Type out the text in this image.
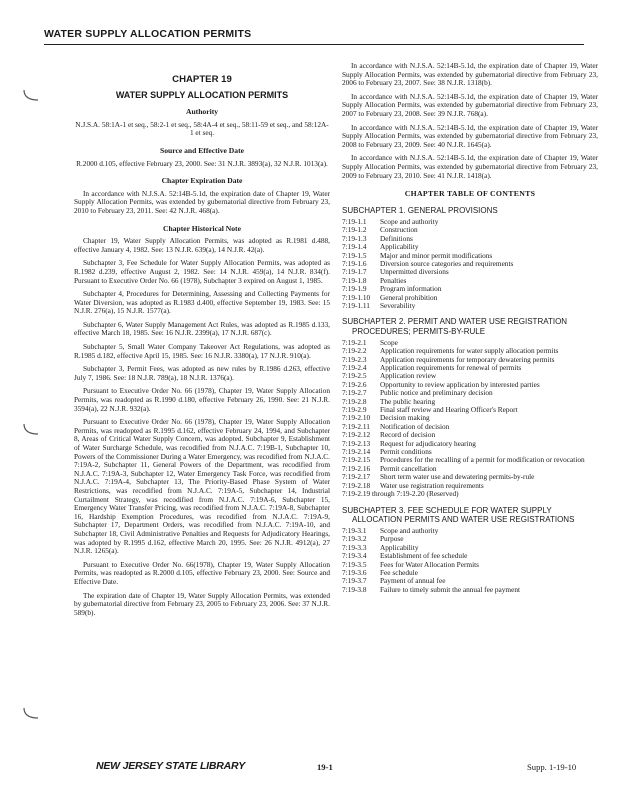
WATER SUPPLY ALLOCATION PERMITS
CHAPTER 19
WATER SUPPLY ALLOCATION PERMITS
Authority
N.J.S.A. 58:1A-1 et seq., 58:2-1 et seq., 58:4A-4 et seq., 58:11-59 et seq., and 58:12A-1 et seq.
Source and Effective Date
R.2000 d.105, effective February 23, 2000. See: 31 N.J.R. 3893(a), 32 N.J.R. 1013(a).
Chapter Expiration Date

In accordance with N.J.S.A. 52:14B-5.1d, the expiration date of Chapter 19, Water Supply Allocation Permits, was extended by gubernatorial directive from February 23, 2010 to February 23, 2011. See: 42 N.J.R. 468(a).

Chapter Historical Note

Chapter 19, Water Supply Allocation Permits, was adopted as R.1981 d.488, effective January 4, 1982. See: 13 N.J.R. 639(a), 14 N.J.R. 42(a).

Subchapter 3, Fee Schedule for Water Supply Allocation Permits, was adopted as R.1982 d.239, effective August 2, 1982. See: 14 N.J.R. 459(a), 14 N.J.R. 834(f). Pursuant to Executive Order No. 66 (1978), Subchapter 3 expired on August 1, 1985.

Subchapter 4, Procedures for Determining, Assessing and Collecting Payments for Water Diversion, was adopted as R.1983 d.400, effective September 19, 1983. See: 15 N.J.R. 276(a), 15 N.J.R. 1577(a).

Subchapter 6, Water Supply Management Act Rules, was adopted as R.1985 d.133, effective March 18, 1985. See: 16 N.J.R. 2399(a), 17 N.J.R. 687(c).

Subchapter 5, Small Water Company Takeover Act Regulations, was adopted as R.1985 d.182, effective April 15, 1985. See: 16 N.J.R. 3380(a), 17 N.J.R. 910(a).

Subchapter 3, Permit Fees, was adopted as new rules by R.1986 d.263, effective July 7, 1986. See: 18 N.J.R. 789(a), 18 N.J.R. 1376(a).

Pursuant to Executive Order No. 66 (1978), Chapter 19, Water Supply Allocation Permits, was readopted as R.1990 d.180, effective February 26, 1990. See: 21 N.J.R. 3594(a), 22 N.J.R. 932(a).

Pursuant to Executive Order No. 66 (1978), Chapter 19, Water Supply Allocation Permits, was readopted as R.1995 d.162, effective February 24, 1994, and Subchapter 8, Areas of Critical Water Supply Concern, was adopted. Subchapter 9, Establishment of Water Surcharge Schedule, was recodified from N.J.A.C. 7:19B-1, Subchapter 10, Powers of the Commissioner During a Water Emergency, was recodified from N.J.A.C. 7:19A-2, Subchapter 11, General Powers of the Department, was recodified from N.J.A.C. 7:19A-3, Subchapter 12, Water Emergency Task Force, was recodified from N.J.A.C. 7:19A-4, Subchapter 13, The Priority-Based Phase System of Water Restrictions, was recodified from N.J.A.C. 7:19A-5, Subchapter 14, Industrial Curtailment Strategy, was recodified from N.J.A.C. 7:19A-6, Subchapter 15, Emergency Water Transfer Pricing, was recodified from N.J.A.C. 7:19A-8, Subchapter 16, Hardship Exemption Procedures, was recodified from N.J.A.C. 7:19A-9, Subchapter 17, Department Orders, was recodified from N.J.A.C. 7:19A-10, and Subchapter 18, Civil Administrative Penalties and Requests for Adjudicatory Hearings, was adopted by R.1995 d.162, effective March 20, 1995. See: 26 N.J.R. 4912(a), 27 N.J.R. 1265(a).

Pursuant to Executive Order No. 66(1978), Chapter 19, Water Supply Allocation Permits, was readopted as R.2000 d.105, effective February 23, 2000. See: Source and Effective Date.

The expiration date of Chapter 19, Water Supply Allocation Permits, was extended by gubernatorial directive from February 23, 2005 to February 23, 2006. See: 37 N.J.R. 589(b).

In accordance with N.J.S.A. 52:14B-5.1d, the expiration date of Chapter 19, Water Supply Allocation Permits, was extended by gubernatorial directive from February 23, 2006 to February 23, 2007. See: 38 N.J.R. 1318(b).

In accordance with N.J.S.A. 52:14B-5.1d, the expiration date of Chapter 19, Water Supply Allocation Permits, was extended by gubernatorial directive from February 23, 2007 to February 23, 2008. See: 39 N.J.R. 768(a).

In accordance with N.J.S.A. 52:14B-5.1d, the expiration date of Chapter 19, Water Supply Allocation Permits, was extended by gubernatorial directive from February 23, 2008 to February 23, 2009. See: 40 N.J.R. 1645(a).

In accordance with N.J.S.A. 52:14B-5.1d, the expiration date of Chapter 19, Water Supply Allocation Permits, was extended by gubernatorial directive from February 23, 2009 to February 23, 2010. See: 41 N.J.R. 1418(a).

CHAPTER TABLE OF CONTENTS
SUBCHAPTER 1. GENERAL PROVISIONS
7:19-1.1	Scope and authority
7:19-1.2	Construction
7:19-1.3	Definitions
7:19-1.4	Applicability
7:19-1.5	Major and minor permit modifications
7:19-1.6	Diversion source categories and requirements
7:19-1.7	Unpermitted diversions
7:19-1.8	Penalties
7:19-1.9	Program information
7:19-1.10	General prohibition
7:19-1.11	Severability
SUBCHAPTER 2. PERMIT AND WATER USE REGISTRATION PROCEDURES; PERMITS-BY-RULE
7:19-2.1	Scope
7:19-2.2	Application requirements for water supply allocation permits
7:19-2.3	Application requirements for temporary dewatering permits
7:19-2.4	Application requirements for renewal of permits
7:19-2.5	Application review
7:19-2.6	Opportunity to review application by interested parties
7:19-2.7	Public notice and preliminary decision
7:19-2.8	The public hearing
7:19-2.9	Final staff review and Hearing Officer's Report
7:19-2.10	Decision making
7:19-2.11	Notification of decision
7:19-2.12	Record of decision
7:19-2.13	Request for adjudicatory hearing
7:19-2.14	Permit conditions
7:19-2.15	Procedures for the recalling of a permit for modification or revocation
7:19-2.16	Permit cancellation
7:19-2.17	Short term water use and dewatering permits-by-rule
7:19-2.18	Water use registration requirements
7:19-2.19 through 7:19-2.20 (Reserved)
SUBCHAPTER 3. FEE SCHEDULE FOR WATER SUPPLY ALLOCATION PERMITS AND WATER USE REGISTRATIONS
7:19-3.1	Scope and authority
7:19-3.2	Purpose
7:19-3.3	Applicability
7:19-3.4	Establishment of fee schedule
7:19-3.5	Fees for Water Allocation Permits
7:19-3.6	Fee schedule
7:19-3.7	Payment of annual fee
7:19-3.8	Failure to timely submit the annual fee payment
NEW JERSEY STATE LIBRARY	19-1	Supp. 1-19-10
